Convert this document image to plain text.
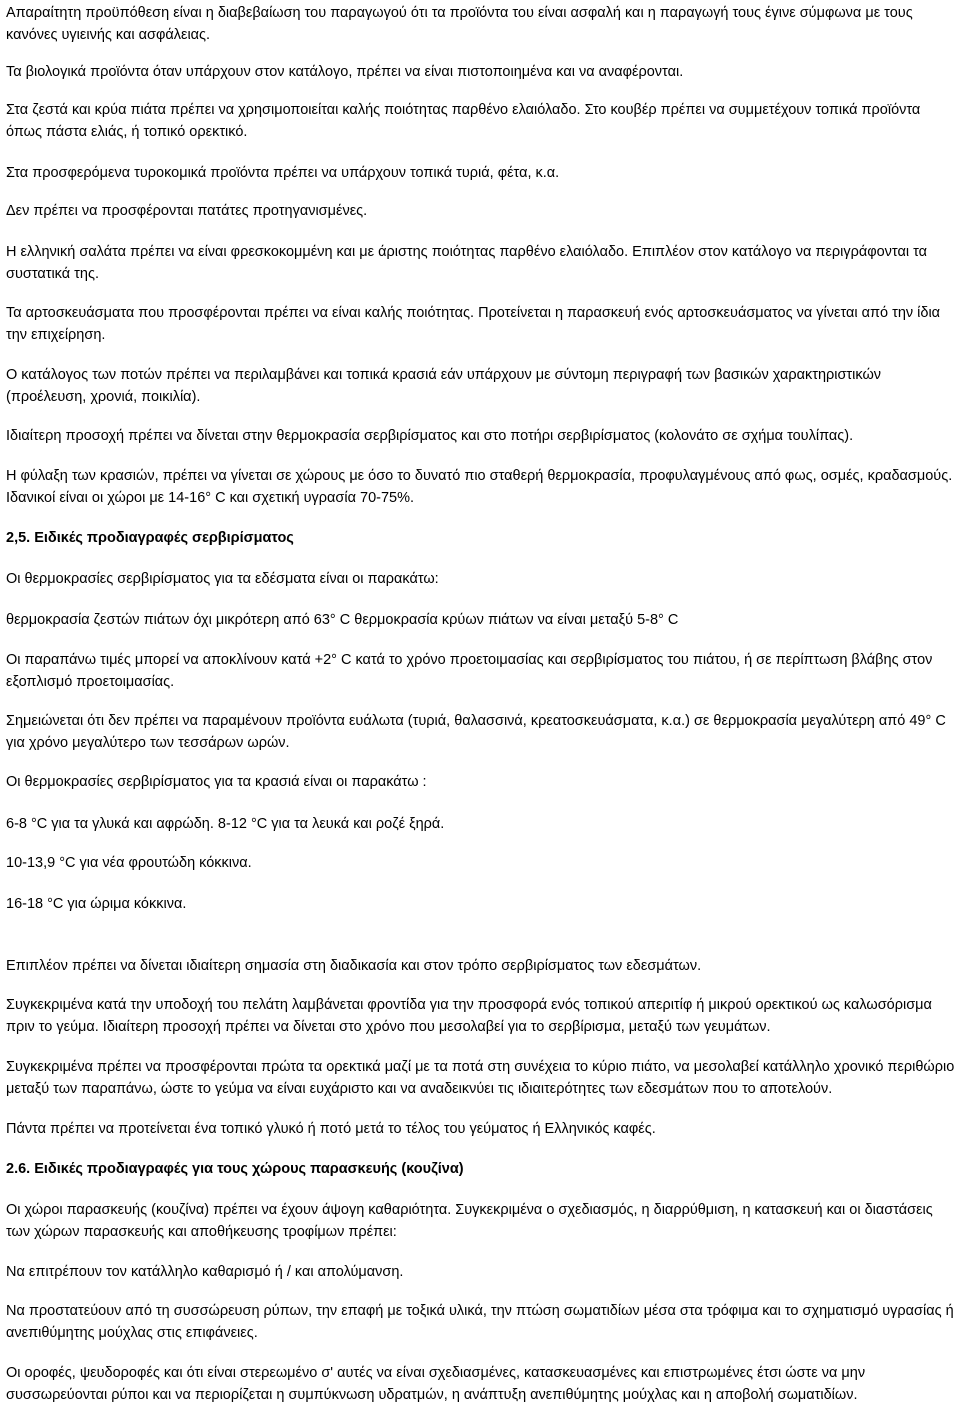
Απαραίτητη προϋπόθεση είναι η διαβεβαίωση του παραγωγού ότι τα προϊόντα του είναι ασφαλή και η παραγωγή τους έγινε σύμφωνα με τους κανόνες υγιεινής και ασφάλειας.

Τα βιολογικά προϊόντα όταν υπάρχουν στον κατάλογο, πρέπει να είναι πιστοποιημένα και να αναφέρονται.

Στα ζεστά και κρύα πιάτα πρέπει να χρησιμοποιείται καλής ποιότητας παρθένο ελαιόλαδο. Στο κουβέρ πρέπει να συμμετέχουν τοπικά προϊόντα όπως πάστα ελιάς, ή τοπικό ορεκτικό.

Στα προσφερόμενα τυροκομικά προϊόντα πρέπει να υπάρχουν τοπικά τυριά, φέτα, κ.α.

Δεν πρέπει να προσφέρονται πατάτες προτηγανισμένες.

Η ελληνική σαλάτα πρέπει να είναι φρεσκοκομμένη και με άριστης ποιότητας παρθένο ελαιόλαδο. Επιπλέον στον κατάλογο να περιγράφονται τα συστατικά της.

Τα αρτοσκευάσματα που προσφέρονται πρέπει να είναι καλής ποιότητας. Προτείνεται η παρασκευή ενός αρτοσκευάσματος να γίνεται από την ίδια την επιχείρηση.

Ο κατάλογος των ποτών πρέπει να περιλαμβάνει και τοπικά κρασιά εάν υπάρχουν με σύντομη περιγραφή των βασικών χαρακτηριστικών (προέλευση, χρονιά, ποικιλία).

Ιδιαίτερη προσοχή πρέπει να δίνεται στην θερμοκρασία σερβιρίσματος και στο ποτήρι σερβιρίσματος (κολονάτο σε σχήμα τουλίπας).

Η φύλαξη των κρασιών, πρέπει να γίνεται σε χώρους με όσο το δυνατό πιο σταθερή θερμοκρασία, προφυλαγμένους από φως, οσμές, κραδασμούς. Ιδανικοί είναι οι χώροι με 14-16° C και σχετική υγρασία 70-75%.

2,5. Ειδικές προδιαγραφές σερβιρίσματος

Οι θερμοκρασίες σερβιρίσματος για τα εδέσματα είναι οι παρακάτω:

θερμοκρασία ζεστών πιάτων όχι μικρότερη από 63° C θερμοκρασία κρύων πιάτων να είναι μεταξύ 5-8° C

Οι παραπάνω τιμές μπορεί να αποκλίνουν κατά +2° C κατά το χρόνο προετοιμασίας και σερβιρίσματος του πιάτου, ή σε περίπτωση βλάβης στον εξοπλισμό προετοιμασίας.

Σημειώνεται ότι δεν πρέπει να παραμένουν προϊόντα ευάλωτα (τυριά, θαλασσινά, κρεατοσκευάσματα, κ.α.) σε θερμοκρασία μεγαλύτερη από 49° C για χρόνο μεγαλύτερο των τεσσάρων ωρών.

Οι θερμοκρασίες σερβιρίσματος για τα κρασιά είναι οι παρακάτω :

6-8 °C για τα γλυκά και αφρώδη. 8-12 °C για τα λευκά και ροζέ ξηρά.

10-13,9 °C για νέα φρουτώδη κόκκινα.

16-18 °C για ώριμα κόκκινα.

Επιπλέον πρέπει να δίνεται ιδιαίτερη σημασία στη διαδικασία και στον τρόπο σερβιρίσματος των εδεσμάτων.

Συγκεκριμένα κατά την υποδοχή του πελάτη λαμβάνεται φροντίδα για την προσφορά ενός τοπικού απεριτίφ ή μικρού ορεκτικού ως καλωσόρισμα πριν το γεύμα. Ιδιαίτερη προσοχή πρέπει να δίνεται στο χρόνο που μεσολαβεί για το σερβίρισμα, μεταξύ των γευμάτων.

Συγκεκριμένα πρέπει να προσφέρονται πρώτα τα ορεκτικά μαζί με τα ποτά στη συνέχεια το κύριο πιάτο, να μεσολαβεί κατάλληλο χρονικό περιθώριο μεταξύ των παραπάνω, ώστε το γεύμα να είναι ευχάριστο και να αναδεικνύει τις ιδιαιτερότητες των εδεσμάτων που το αποτελούν.

Πάντα πρέπει να προτείνεται ένα τοπικό γλυκό ή ποτό μετά το τέλος του γεύματος ή Ελληνικός καφές.

2.6. Ειδικές προδιαγραφές για τους χώρους παρασκευής (κουζίνα)

Οι χώροι παρασκευής (κουζίνα) πρέπει να έχουν άψογη καθαριότητα. Συγκεκριμένα ο σχεδιασμός, η διαρρύθμιση, η κατασκευή και οι διαστάσεις των χώρων παρασκευής και αποθήκευσης τροφίμων πρέπει:

Να επιτρέπουν τον κατάλληλο καθαρισμό ή / και απολύμανση.

Να προστατεύουν από τη συσσώρευση ρύπων, την επαφή με τοξικά υλικά, την πτώση σωματιδίων μέσα στα τρόφιμα και το σχηματισμό υγρασίας ή ανεπιθύμητης μούχλας στις επιφάνειες.

Οι οροφές, ψευδοροφές και ότι είναι στερεωμένο σ' αυτές να είναι σχεδιασμένες, κατασκευασμένες και επιστρωμένες έτσι ώστε να μην συσσωρεύονται ρύποι και να περιορίζεται η συμπύκνωση υδρατμών, η ανάπτυξη ανεπιθύμητης μούχλας και η αποβολή σωματιδίων.
